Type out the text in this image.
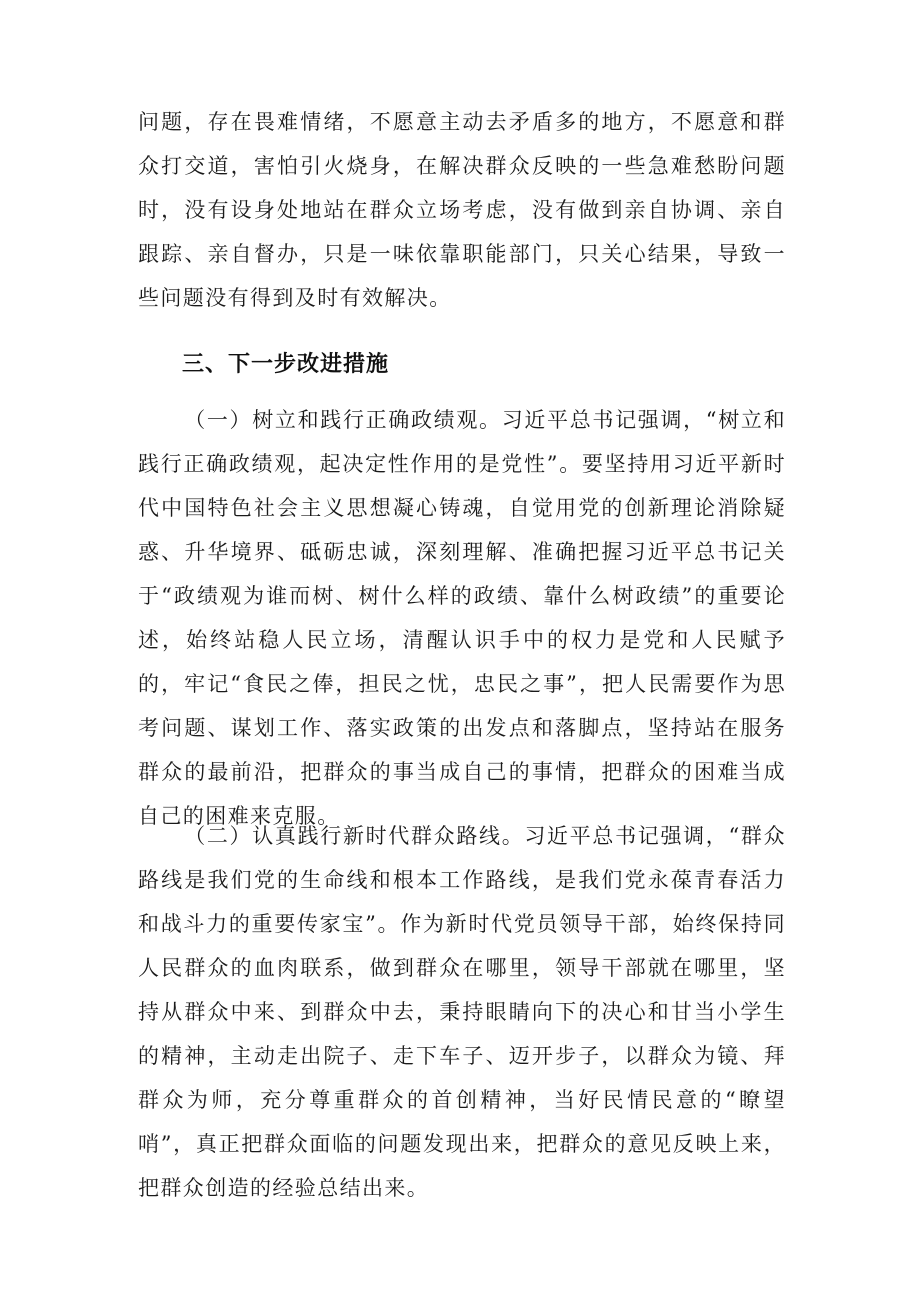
问题，存在畏难情绪，不愿意主动去矛盾多的地方，不愿意和群众打交道，害怕引火烧身，在解决群众反映的一些急难愁盼问题时，没有设身处地站在群众立场考虑，没有做到亲自协调、亲自跟踪、亲自督办，只是一味依靠职能部门，只关心结果，导致一些问题没有得到及时有效解决。

三、下一步改进措施

（一）树立和践行正确政绩观。习近平总书记强调，“树立和践行正确政绩观，起决定性作用的是党性”。要坚持用习近平新时代中国特色社会主义思想凝心铸魂，自觉用党的创新理论消除疑惑、升华境界、砥砺忠诚，深刻理解、准确把握习近平总书记关于“政绩观为谁而树、树什么样的政绩、靠什么树政绩”的重要论述，始终站稳人民立场，清醒认识手中的权力是党和人民赋予的，牢记“食民之俸，担民之忧，忠民之事”，把人民需要作为思考问题、谋划工作、落实政策的出发点和落脚点，坚持站在服务群众的最前沿，把群众的事当成自己的事情，把群众的困难当成自己的困难来克服。

（二）认真践行新时代群众路线。习近平总书记强调，“群众路线是我们党的生命线和根本工作路线，是我们党永葆青春活力和战斗力的重要传家宝”。作为新时代党员领导干部，始终保持同人民群众的血肉联系，做到群众在哪里，领导干部就在哪里，坚持从群众中来、到群众中去，秉持眼睛向下的决心和甘当小学生的精神，主动走出院子、走下车子、迈开步子，以群众为镜、拜群众为师，充分尊重群众的首创精神，当好民情民意的“瞭望哨”，真正把群众面临的问题发现出来，把群众的意见反映上来，把群众创造的经验总结出来。
